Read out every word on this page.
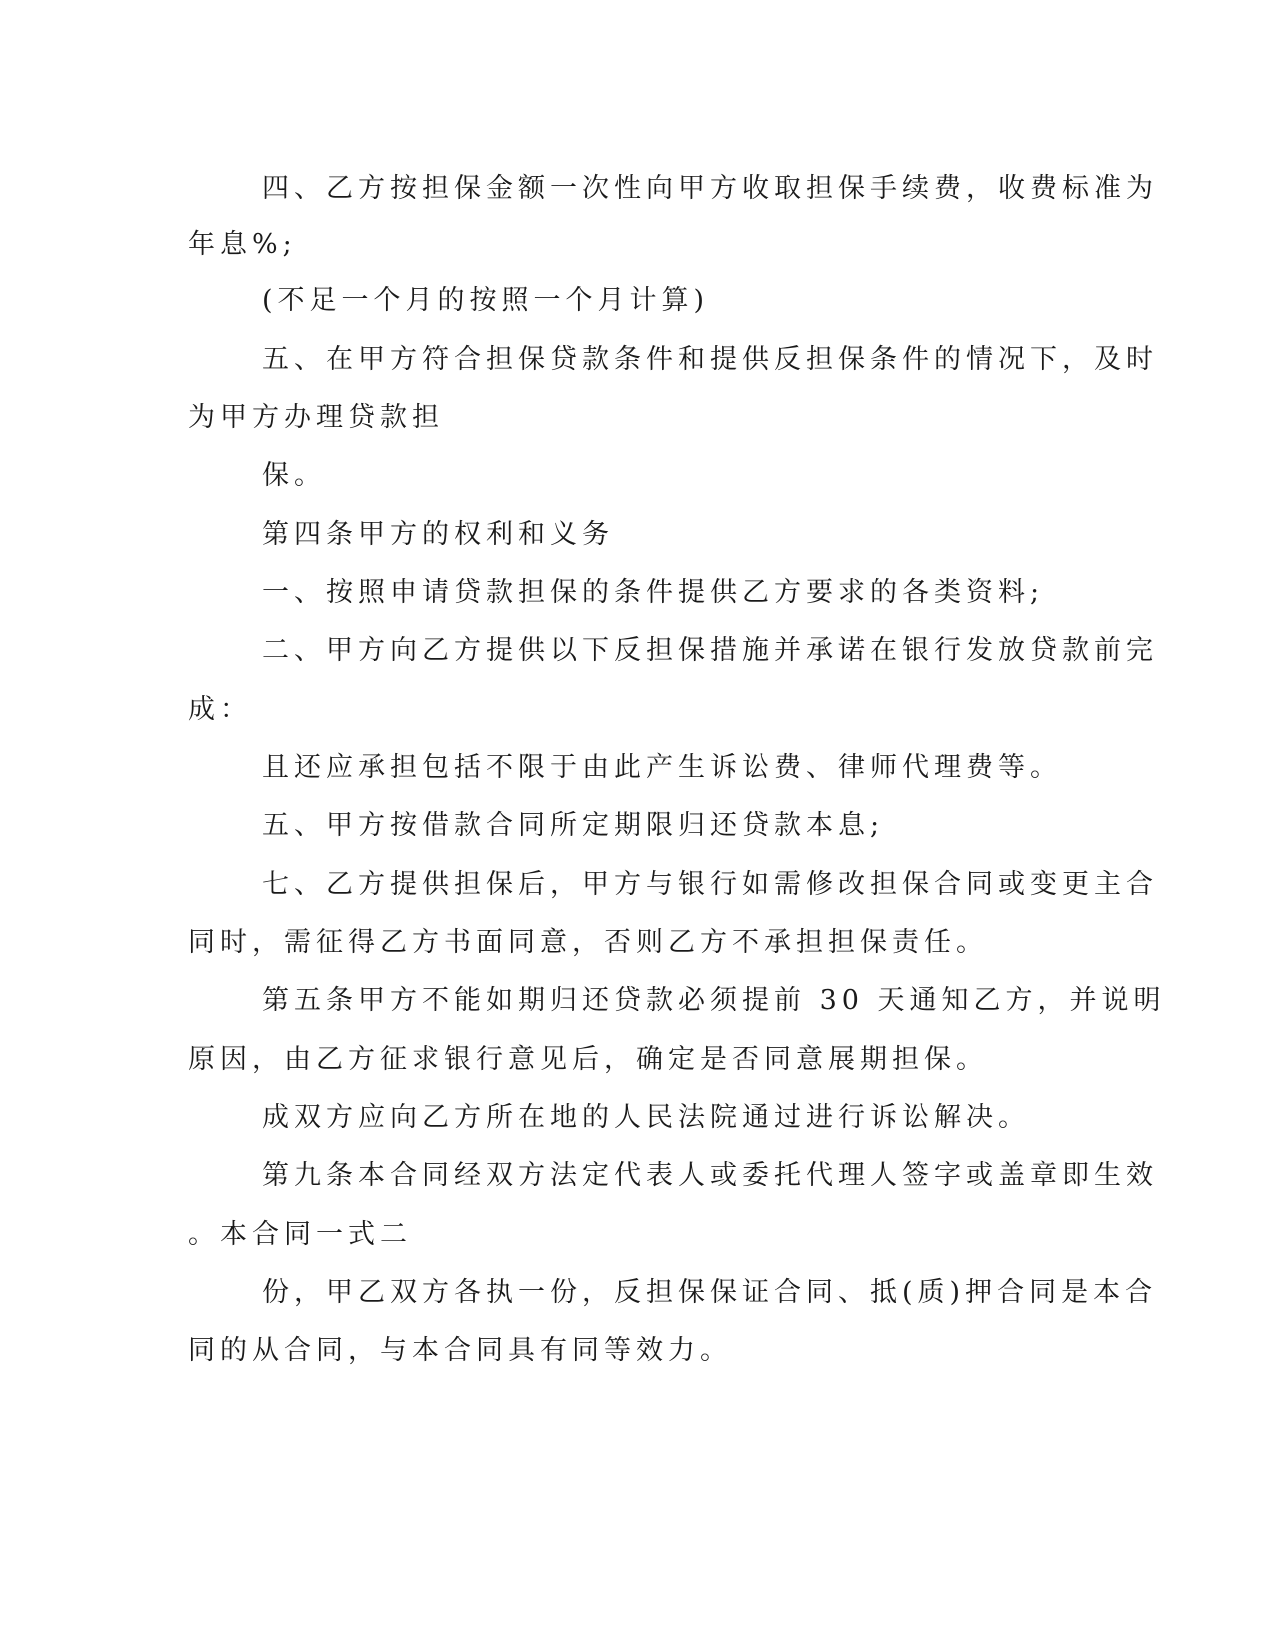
四、乙方按担保金额一次性向甲方收取担保手续费，收费标准为
年息%;
(不足一个月的按照一个月计算)
五、在甲方符合担保贷款条件和提供反担保条件的情况下，及时
为甲方办理贷款担
保。
第四条甲方的权利和义务
一、按照申请贷款担保的条件提供乙方要求的各类资料;
二、甲方向乙方提供以下反担保措施并承诺在银行发放贷款前完
成：
且还应承担包括不限于由此产生诉讼费、律师代理费等。
五、甲方按借款合同所定期限归还贷款本息;
七、乙方提供担保后，甲方与银行如需修改担保合同或变更主合
同时，需征得乙方书面同意，否则乙方不承担担保责任。
第五条甲方不能如期归还贷款必须提前 30 天通知乙方，并说明
原因，由乙方征求银行意见后，确定是否同意展期担保。
成双方应向乙方所在地的人民法院通过进行诉讼解决。
第九条本合同经双方法定代表人或委托代理人签字或盖章即生效
。本合同一式二
份，甲乙双方各执一份，反担保保证合同、抵(质)押合同是本合
同的从合同，与本合同具有同等效力。
